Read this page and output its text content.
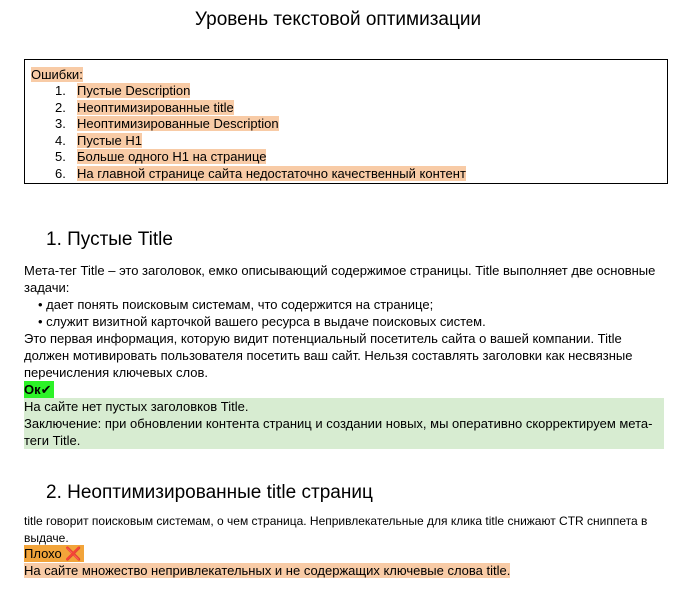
Уровень текстовой оптимизации
Ошибки:
1. Пустые Description
2. Неоптимизированные title
3. Неоптимизированные Description
4. Пустые H1
5. Больше одного H1 на странице
6. На главной странице сайта недостаточно качественный контент
1. Пустые Title

Мета-тег Title – это заголовок, емко описывающий содержимое страницы. Title выполняет две основные задачи:

• дает понять поисковым системам, что содержится на странице;
• служит визитной карточкой вашего ресурса в выдаче поисковых систем.

Это первая информация, которую видит потенциальный посетитель сайта о вашей компании. Title должен мотивировать пользователя посетить ваш сайт. Нельзя составлять заголовки как несвязные перечисления ключевых слов.

Ок✔
На сайте нет пустых заголовков Title.
Заключение: при обновлении контента страниц и создании новых, мы оперативно скорректируем мета-теги Title.
2. Неоптимизированные title страниц

title говорит поисковым системам, о чем страница. Непривлекательные для клика title снижают CTR сниппета в выдаче.

Плохо ❌
На сайте множество непривлекательных и не содержащих ключевые слова title.
